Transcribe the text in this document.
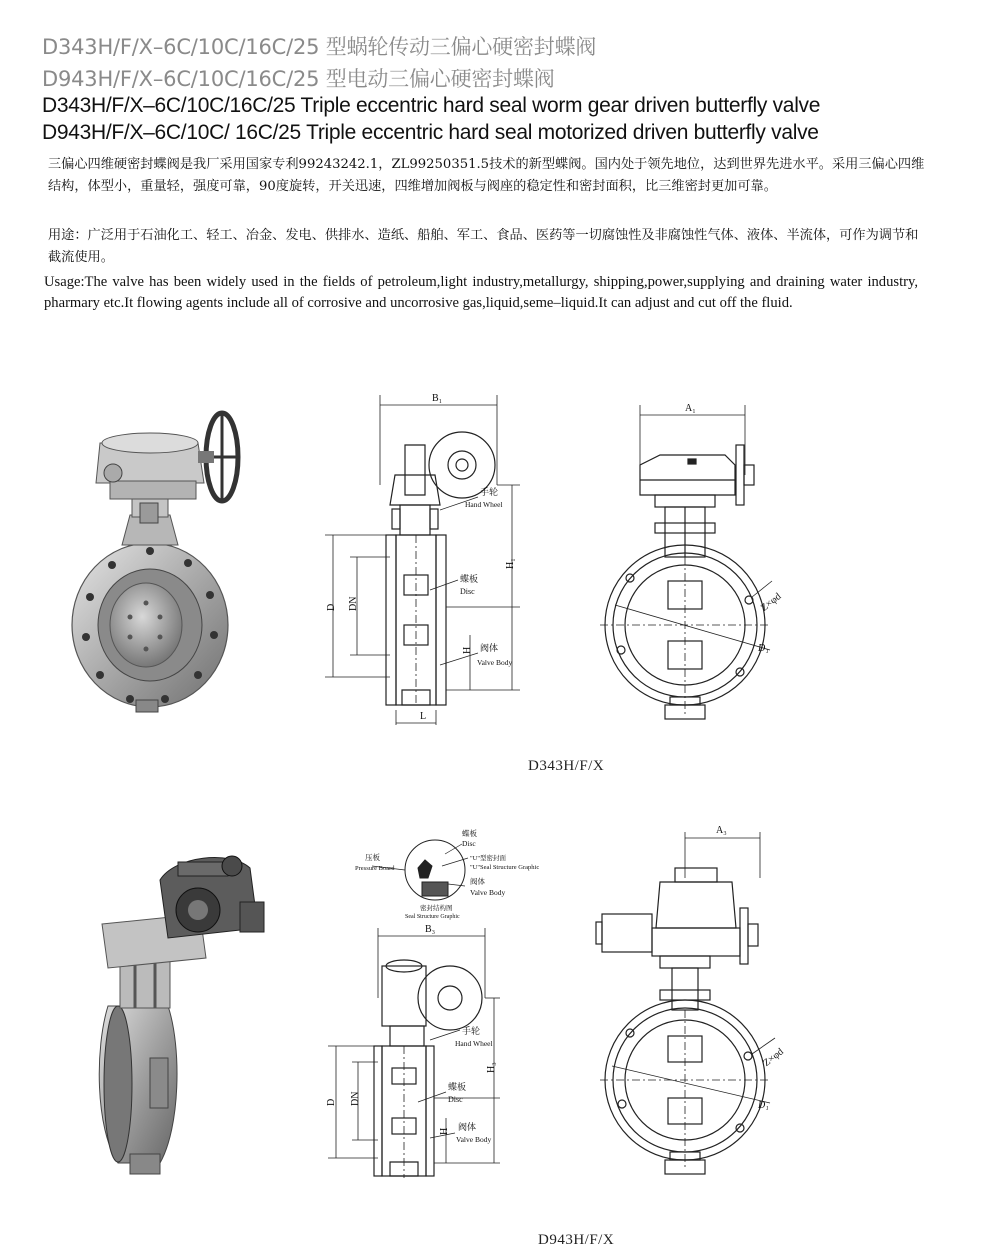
D343H/F/X–6C/10C/16C/25 型蜗轮传动三偏心硬密封蝶阀
D943H/F/X–6C/10C/16C/25 型电动三偏心硬密封蝶阀
D343H/F/X–6C/10C/16C/25 Triple eccentric hard seal worm gear driven butterfly valve
D943H/F/X–6C/10C/ 16C/25 Triple eccentric hard seal motorized driven butterfly valve
三偏心四维硬密封蝶阀是我厂采用国家专利99243242.1，ZL99250351.5技术的新型蝶阀。国内处于领先地位，达到世界先进水平。采用三偏心四维结构，体型小，重量轻，强度可靠，90度旋转，开关迅速，四维增加阀板与阀座的稳定性和密封面积，比三维密封更加可靠。
用途：广泛用于石油化工、轻工、冶金、发电、供排水、造纸、船舶、军工、食品、医药等一切腐蚀性及非腐蚀性气体、液体、半流体，可作为调节和截流使用。
Usage:The valve has been widely used in the fields of petroleum,light industry,metallurgy, shipping,power,supplying and draining water industry, pharmary etc.It flowing agents include all of corrosive and uncorrosive gas,liquid,seme–liquid.It can adjust and cut off the fluid.
B₁
D DN
H
H₁
L
手轮
Hand Wheel
蝶板
Disc
阀体
Valve Body
A₁
Z×φd
D₁
D343H/F/X
蝶板
Disc
"U"型密封面
"U"Seal Structure Graphic
阀体
Valve Body
压板
Pressure Board
密封结构图
Seal Structure Graphic
B₃
D DN
H
H₃
手轮
Hand Wheel
蝶板
Disc
阀体
Valve Body
A₃
Z×φd
D₁
D943H/F/X
